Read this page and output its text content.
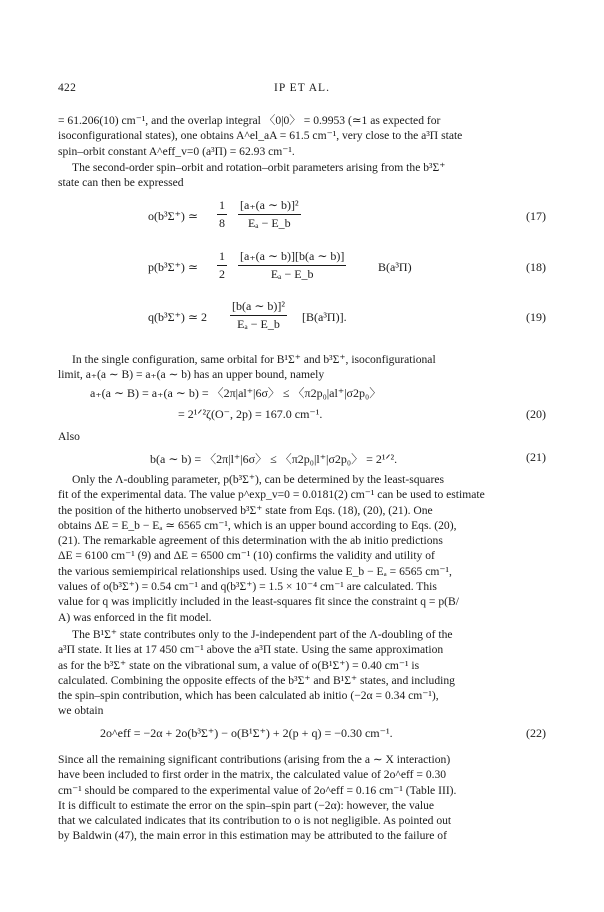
422	IP ET AL.

= 61.206(10) cm⁻¹, and the overlap integral 〈0|0〉 = 0.9953 (≃1 as expected for

isoconfigurational states), one obtains A^el_aA = 61.5 cm⁻¹, very close to the a³Π state

spin–orbit constant A^eff_v=0 (a³Π) = 62.93 cm⁻¹.

The second-order spin–orbit and rotation–orbit parameters arising from the b³Σ⁺

state can then be expressed

o(b³Σ⁺) ≃ $\frac{1}{8} \frac{\text{[a₊(a ∼ b)]²}}{\text{Eₐ − E\_b}}$	(17)
p(b³Σ⁺) ≃ $\frac{1}{2} \frac{[a_+(a \sim b)][b(a \sim b)]}{\text{Eₐ − E\_b}}$	B(a³Π)	(18)
q(b³Σ⁺) ≃ $2 \frac{\text{[b(a ∼ b)]²}}{\text{Eₐ − E\_b}} [B(a^3\Pi)]$.	(19)

In the single configuration, same orbital for B¹Σ⁺ and b³Σ⁺, isoconfigurational

limit, a₊(a ∼ B) = a₊(a ∼ b) has an upper bound, namely

a₊(a ∼ B) = a₊(a ∼ b) = 〈2π|al⁺|6σ〉 ≤ 〈π2p₀|al⁺|σ2p₀〉
= 2¹ᐟ²ζ(O⁻, 2p) = 167.0 cm⁻¹.	(20)
Also
b(a ∼ b) = 〈2π|l⁺|6σ〉 ≤ 〈π2p₀|l⁺|σ2p₀〉 = 2¹ᐟ².	(21)

Only the Λ-doubling parameter, p(b³Σ⁺), can be determined by the least-squares

fit of the experimental data. The value p^exp_v=0 = 0.0181(2) cm⁻¹ can be used to estimate

the position of the hitherto unobserved b³Σ⁺ state from Eqs. (18), (20), (21). One

obtains ΔE = E_b − Eₐ ≃ 6565 cm⁻¹, which is an upper bound according to Eqs. (20),

(21). The remarkable agreement of this determination with the ab initio predictions

ΔE = 6100 cm⁻¹ (9) and ΔE = 6500 cm⁻¹ (10) confirms the validity and utility of

the various semiempirical relationships used. Using the value E_b − Eₐ = 6565 cm⁻¹,

values of o(b³Σ⁺) = 0.54 cm⁻¹ and q(b³Σ⁺) = 1.5 × 10⁻⁴ cm⁻¹ are calculated. This

value for q was implicitly included in the least-squares fit since the constraint q = p(B/

A) was enforced in the fit model.

The B¹Σ⁺ state contributes only to the J-independent part of the Λ-doubling of the

a³Π state. It lies at 17 450 cm⁻¹ above the a³Π state. Using the same approximation

as for the b³Σ⁺ state on the vibrational sum, a value of o(B¹Σ⁺) = 0.40 cm⁻¹ is

calculated. Combining the opposite effects of the b³Σ⁺ and B¹Σ⁺ states, and including

the spin–spin contribution, which has been calculated ab initio (−2α = 0.34 cm⁻¹),

we obtain

2o^eff = −2α + 2o(b³Σ⁺) − o(B¹Σ⁺) + 2(p + q) = −0.30 cm⁻¹.	(22)

Since all the remaining significant contributions (arising from the a ∼ X interaction)

have been included to first order in the matrix, the calculated value of 2o^eff = 0.30

cm⁻¹ should be compared to the experimental value of 2o^eff = 0.16 cm⁻¹ (Table III).

It is difficult to estimate the error on the spin–spin part (−2α): however, the value

that we calculated indicates that its contribution to o is not negligible. As pointed out

by Baldwin (47), the main error in this estimation may be attributed to the failure of
